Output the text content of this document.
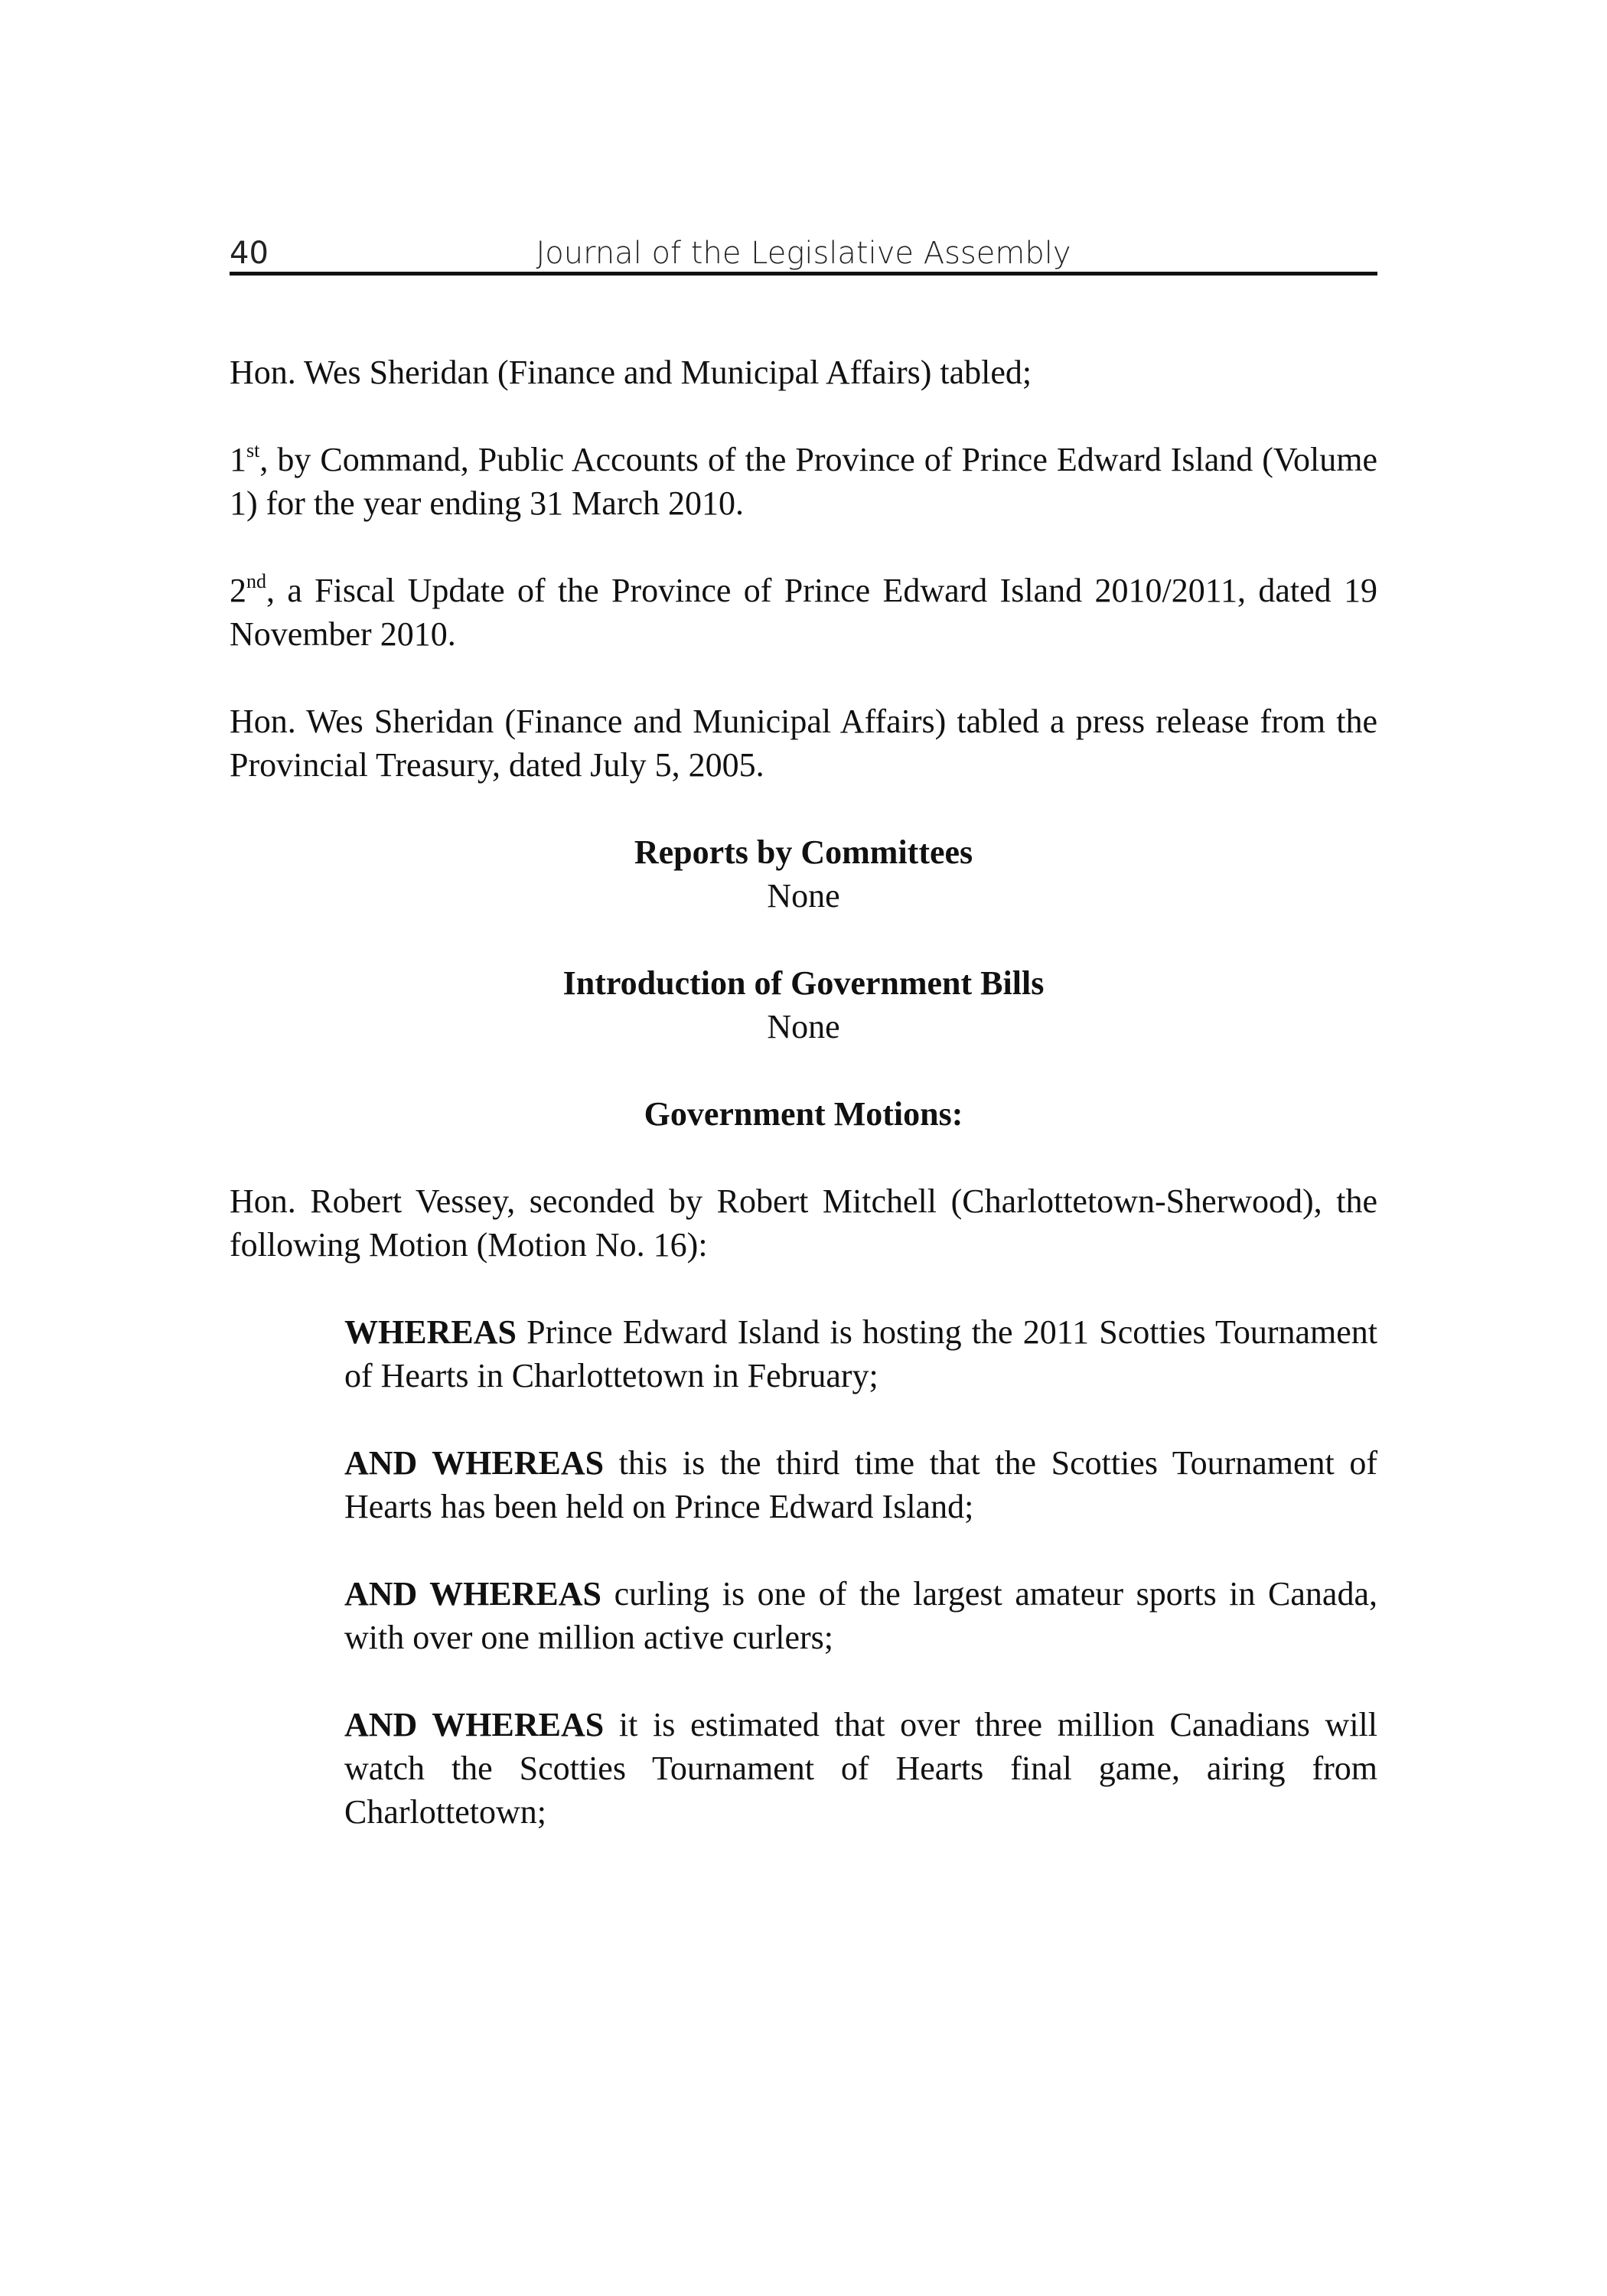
40	Journal of the Legislative Assembly

Hon. Wes Sheridan (Finance and Municipal Affairs) tabled;

1st, by Command, Public Accounts of the Province of Prince Edward Island (Volume 1) for the year ending 31 March 2010.

2nd, a Fiscal Update of the Province of Prince Edward Island 2010/2011, dated 19 November 2010.

Hon. Wes Sheridan (Finance and Municipal Affairs) tabled a press release from the Provincial Treasury, dated July 5, 2005.

Reports by Committees
None
Introduction of Government Bills
None
Government Motions:

Hon. Robert Vessey, seconded by Robert Mitchell (Charlottetown-Sherwood), the following Motion (Motion No. 16):

WHEREAS Prince Edward Island is hosting the 2011 Scotties Tournament of Hearts in Charlottetown in February;

AND WHEREAS this is the third time that the Scotties Tournament of Hearts has been held on Prince Edward Island;

AND WHEREAS curling is one of the largest amateur sports in Canada, with over one million active curlers;

AND WHEREAS it is estimated that over three million Canadians will watch the Scotties Tournament of Hearts final game, airing from Charlottetown;
